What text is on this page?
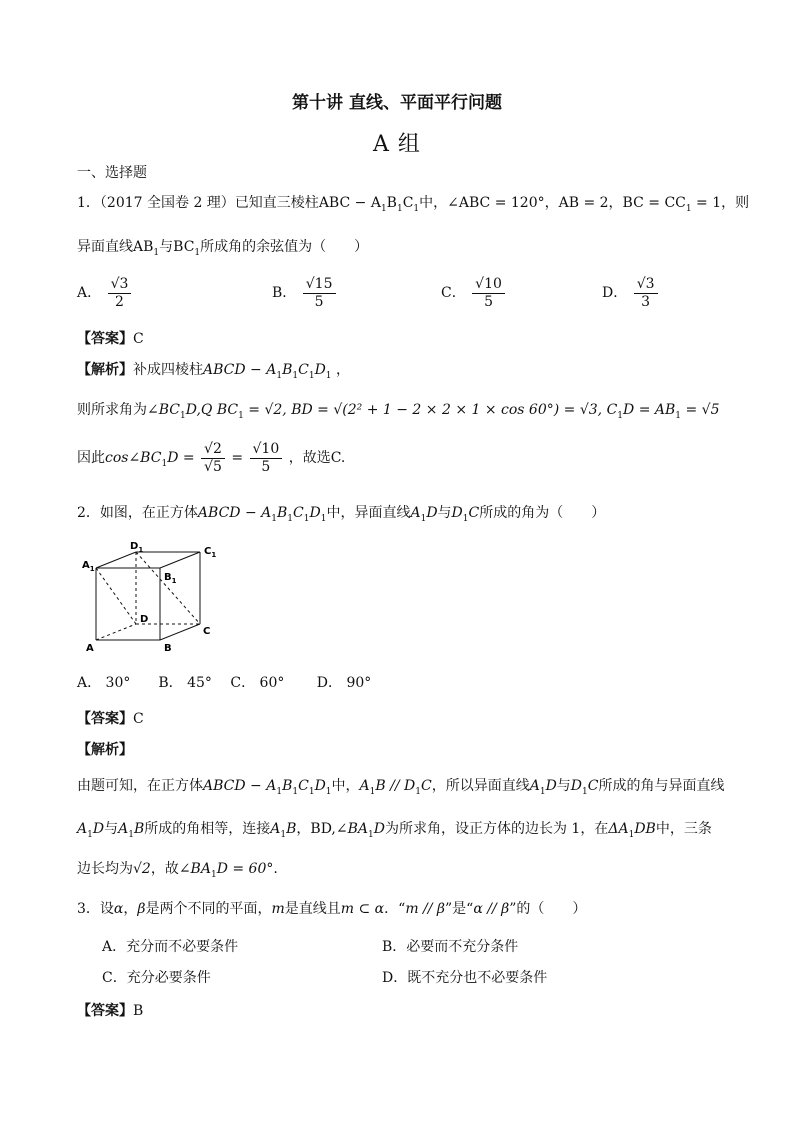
第十讲 直线、平面平行问题
A 组
一、选择题
1．（2017 全国卷 2 理）已知直三棱柱ABC − $A_1B_1C_1$中，∠ABC = 120°，AB = 2，BC = $CC_1 = 1$，则
异面直线$AB_1$与$BC_1$所成角的余弦值为（　　）
A． $\frac{√3}{2}$	B． $\frac{√15}{5}$	C． $\frac{√10}{5}$	D． $\frac{√3}{3}$
【答案】C
【解析】补成四棱柱ABCD − $A_1B_1C_1D_1$ ，
则所求角为$\angle BC_1D,Q$ $BC_1 = √2$, BD = √(2² + 1 − 2 × 2 × 1 × cos 60°) = √3, $C_1D = AB_1 = √5$
因此$\cos\angle BC_1D = \frac{√2}{√5} = \frac{√10}{5}$ ，故选C.
2．如图，在正方体ABCD − $A_1B_1C_1D_1$中，异面直线$A_1D$与$D_1C$所成的角为（　　）
$A_1$
$D_1$	$C_1$
$B_1$
D
C
A	B
A． 30°　　B． 45°　 C． 60°　　 D． 90°
【答案】C
【解析】
由题可知，在正方体ABCD − $A_1B_1C_1D_1$中，$A_1B // D_1C$，所以异面直线$A_1D$与$D_1C$所成的角与异面直线
$A_1D$与$A_1B$所成的角相等，连接$A_1B$，$BD,\angle BA_1D$为所求角，设正方体的边长为 1，在$\Delta A_1DB$中，三条
边长均为√2，故$\angle BA_1D = 60^\circ$.
3．设α，β是两个不同的平面，m是直线且m ⊂ α．“m // β”是“α // β”的（　　）
A．充分而不必要条件	B．必要而不充分条件
C．充分必要条件	D．既不充分也不必要条件
【答案】B
